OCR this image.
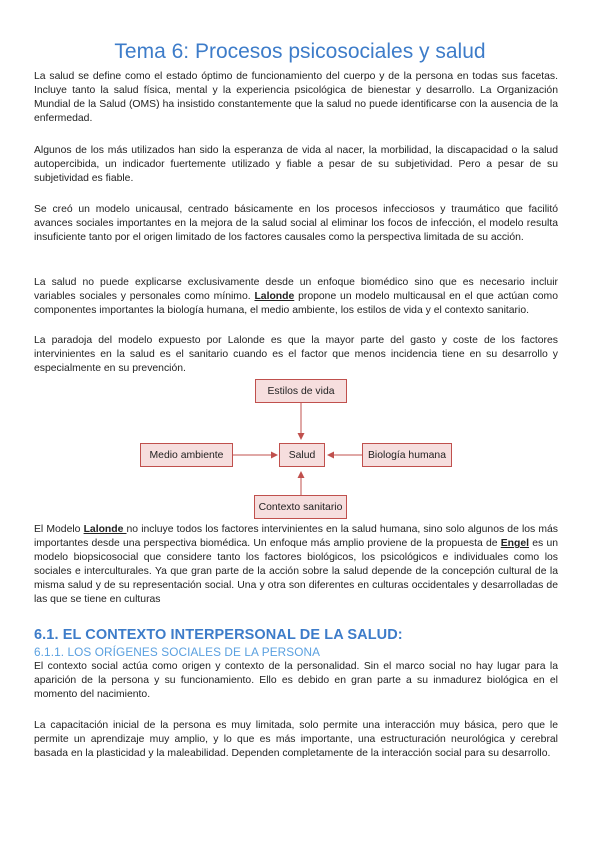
Tema 6: Procesos psicosociales y salud

La salud se define como el estado óptimo de funcionamiento del cuerpo y de la persona en todas sus facetas. Incluye tanto la salud física, mental y la experiencia psicológica de bienestar y desarrollo. La Organización Mundial de la Salud (OMS) ha insistido constantemente que la salud no puede identificarse con la ausencia de la enfermedad.

Algunos de los más utilizados han sido la esperanza de vida al nacer, la morbilidad, la discapacidad o la salud autopercibida, un indicador fuertemente utilizado y fiable a pesar de su subjetividad. Pero a pesar de su subjetividad es fiable.

Se creó un modelo unicausal, centrado básicamente en los procesos infecciosos y traumático que facilitó avances sociales importantes en la mejora de la salud social al eliminar los focos de infección, el modelo resulta insuficiente tanto por el origen limitado de los factores causales como la perspectiva limitada de su acción.

La salud no puede explicarse exclusivamente desde un enfoque biomédico sino que es necesario incluir variables sociales y personales como mínimo. Lalonde propone un modelo multicausal en el que actúan como componentes importantes la biología humana, el medio ambiente, los estilos de vida y el contexto sanitario.

La paradoja del modelo expuesto por Lalonde es que la mayor parte del gasto y coste de los factores intervinientes en la salud es el sanitario cuando es el factor que menos incidencia tiene en su desarrollo y especialmente en su prevención.

Estilos de vida
Medio ambiente	Salud	Biología humana
Contexto sanitario

El Modelo Lalonde no incluye todos los factores intervinientes en la salud humana, sino solo algunos de los más importantes desde una perspectiva biomédica. Un enfoque más amplio proviene de la propuesta de Engel es un modelo biopsicosocial que considere tanto los factores biológicos, los psicológicos e individuales como los sociales e interculturales. Ya que gran parte de la acción sobre la salud depende de la concepción cultural de la misma salud y de su representación social. Una y otra son diferentes en culturas occidentales y desarrolladas de las que se tiene en culturas

6.1. EL CONTEXTO INTERPERSONAL DE LA SALUD:
6.1.1. LOS ORÍGENES SOCIALES DE LA PERSONA

El contexto social actúa como origen y contexto de la personalidad. Sin el marco social no hay lugar para la aparición de la persona y su funcionamiento. Ello es debido en gran parte a su inmadurez biológica en el momento del nacimiento.

La capacitación inicial de la persona es muy limitada, solo permite una interacción muy básica, pero que le permite un aprendizaje muy amplio, y lo que es más importante, una estructuración neurológica y cerebral basada en la plasticidad y la maleabilidad. Dependen completamente de la interacción social para su desarrollo.
